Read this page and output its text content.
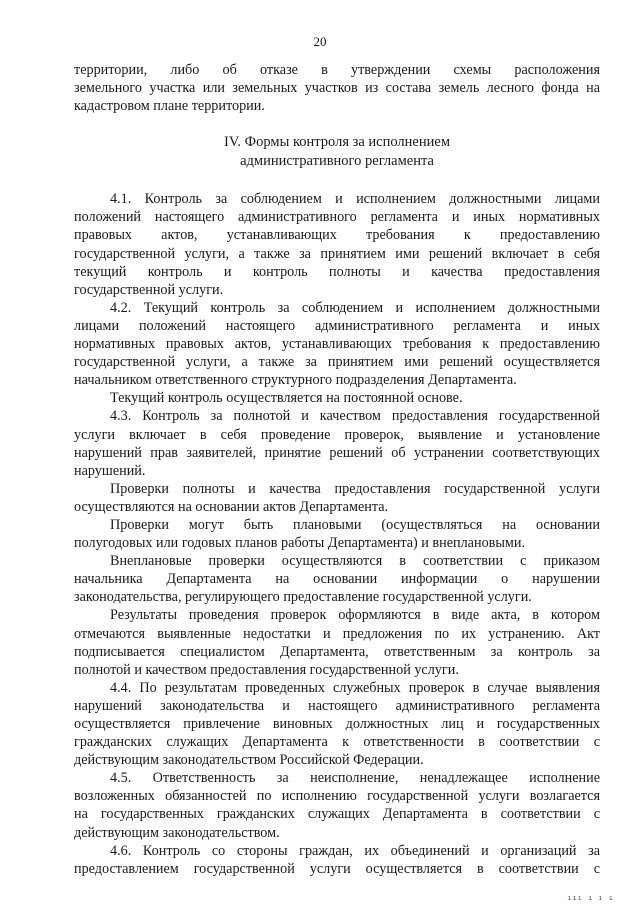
20

территории, либо об отказе в утверждении схемы расположения

земельного участка или земельных участков из состава земель лесного фонда на

кадастровом плане территории.

IV. Формы контроля за исполнением
административного регламента

4.1. Контроль за соблюдением и исполнением должностными лицами

положений настоящего административного регламента и иных нормативных

правовых актов, устанавливающих требования к предоставлению

государственной услуги, а также за принятием ими решений включает в себя

текущий контроль и контроль полноты и качества предоставления

государственной услуги.

4.2. Текущий контроль за соблюдением и исполнением должностными

лицами положений настоящего административного регламента и иных

нормативных правовых актов, устанавливающих требования к предоставлению

государственной услуги, а также за принятием ими решений осуществляется

начальником ответственного структурного подразделения Департамента.

Текущий контроль осуществляется на постоянной основе.

4.3. Контроль за полнотой и качеством предоставления государственной

услуги включает в себя проведение проверок, выявление и установление

нарушений прав заявителей, принятие решений об устранении соответствующих

нарушений.

Проверки полноты и качества предоставления государственной услуги

осуществляются на основании актов Департамента.

Проверки могут быть плановыми (осуществляться на основании

полугодовых или годовых планов работы Департамента) и внеплановыми.

Внеплановые проверки осуществляются в соответствии с приказом

начальника Департамента на основании информации о нарушении

законодательства, регулирующего предоставление государственной услуги.

Результаты проведения проверок оформляются в виде акта, в котором

отмечаются выявленные недостатки и предложения по их устранению. Акт

подписывается специалистом Департамента, ответственным за контроль за

полнотой и качеством предоставления государственной услуги.

4.4. По результатам проведенных служебных проверок в случае выявления

нарушений законодательства и настоящего административного регламента

осуществляется привлечение виновных должностных лиц и государственных

гражданских служащих Департамента к ответственности в соответствии с

действующим законодательством Российской Федерации.

4.5. Ответственность за неисполнение, ненадлежащее исполнение

возложенных обязанностей по исполнению государственной услуги возлагается

на государственных гражданских служащих Департамента в соответствии с

действующим законодательством.

4.6. Контроль со стороны граждан, их объединений и организаций за

предоставлением государственной услуги осуществляется в соответствии с

ııı ı ı ı
